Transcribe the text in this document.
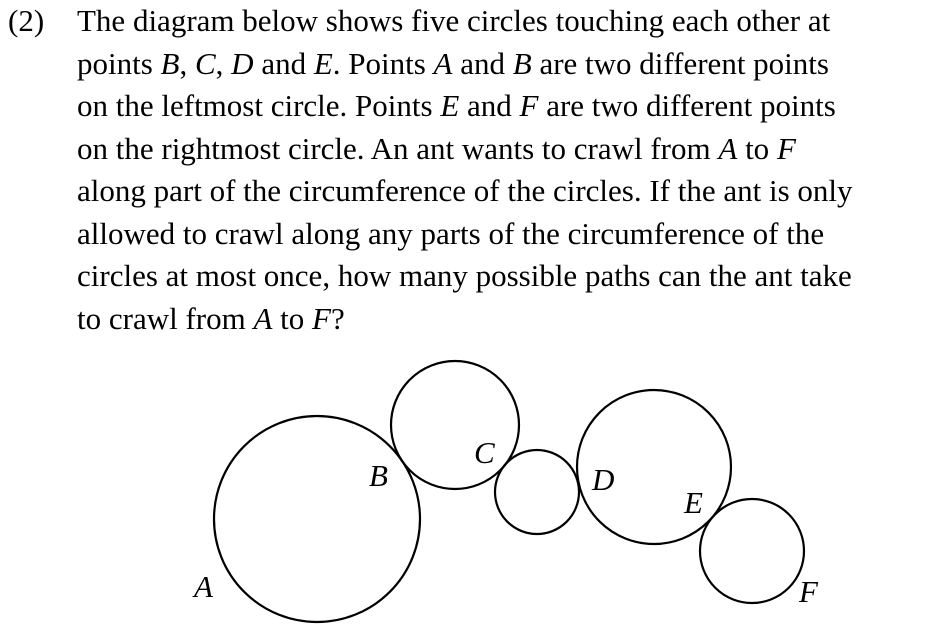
(2) The diagram below shows five circles touching each other at
points B, C, D and E. Points A and B are two different points
on the leftmost circle. Points E and F are two different points
on the rightmost circle. An ant wants to crawl from A to F
along part of the circumference of the circles. If the ant is only
allowed to crawl along any parts of the circumference of the
circles at most once, how many possible paths can the ant take
to crawl from A to F?
A
B
C
D
E
F
